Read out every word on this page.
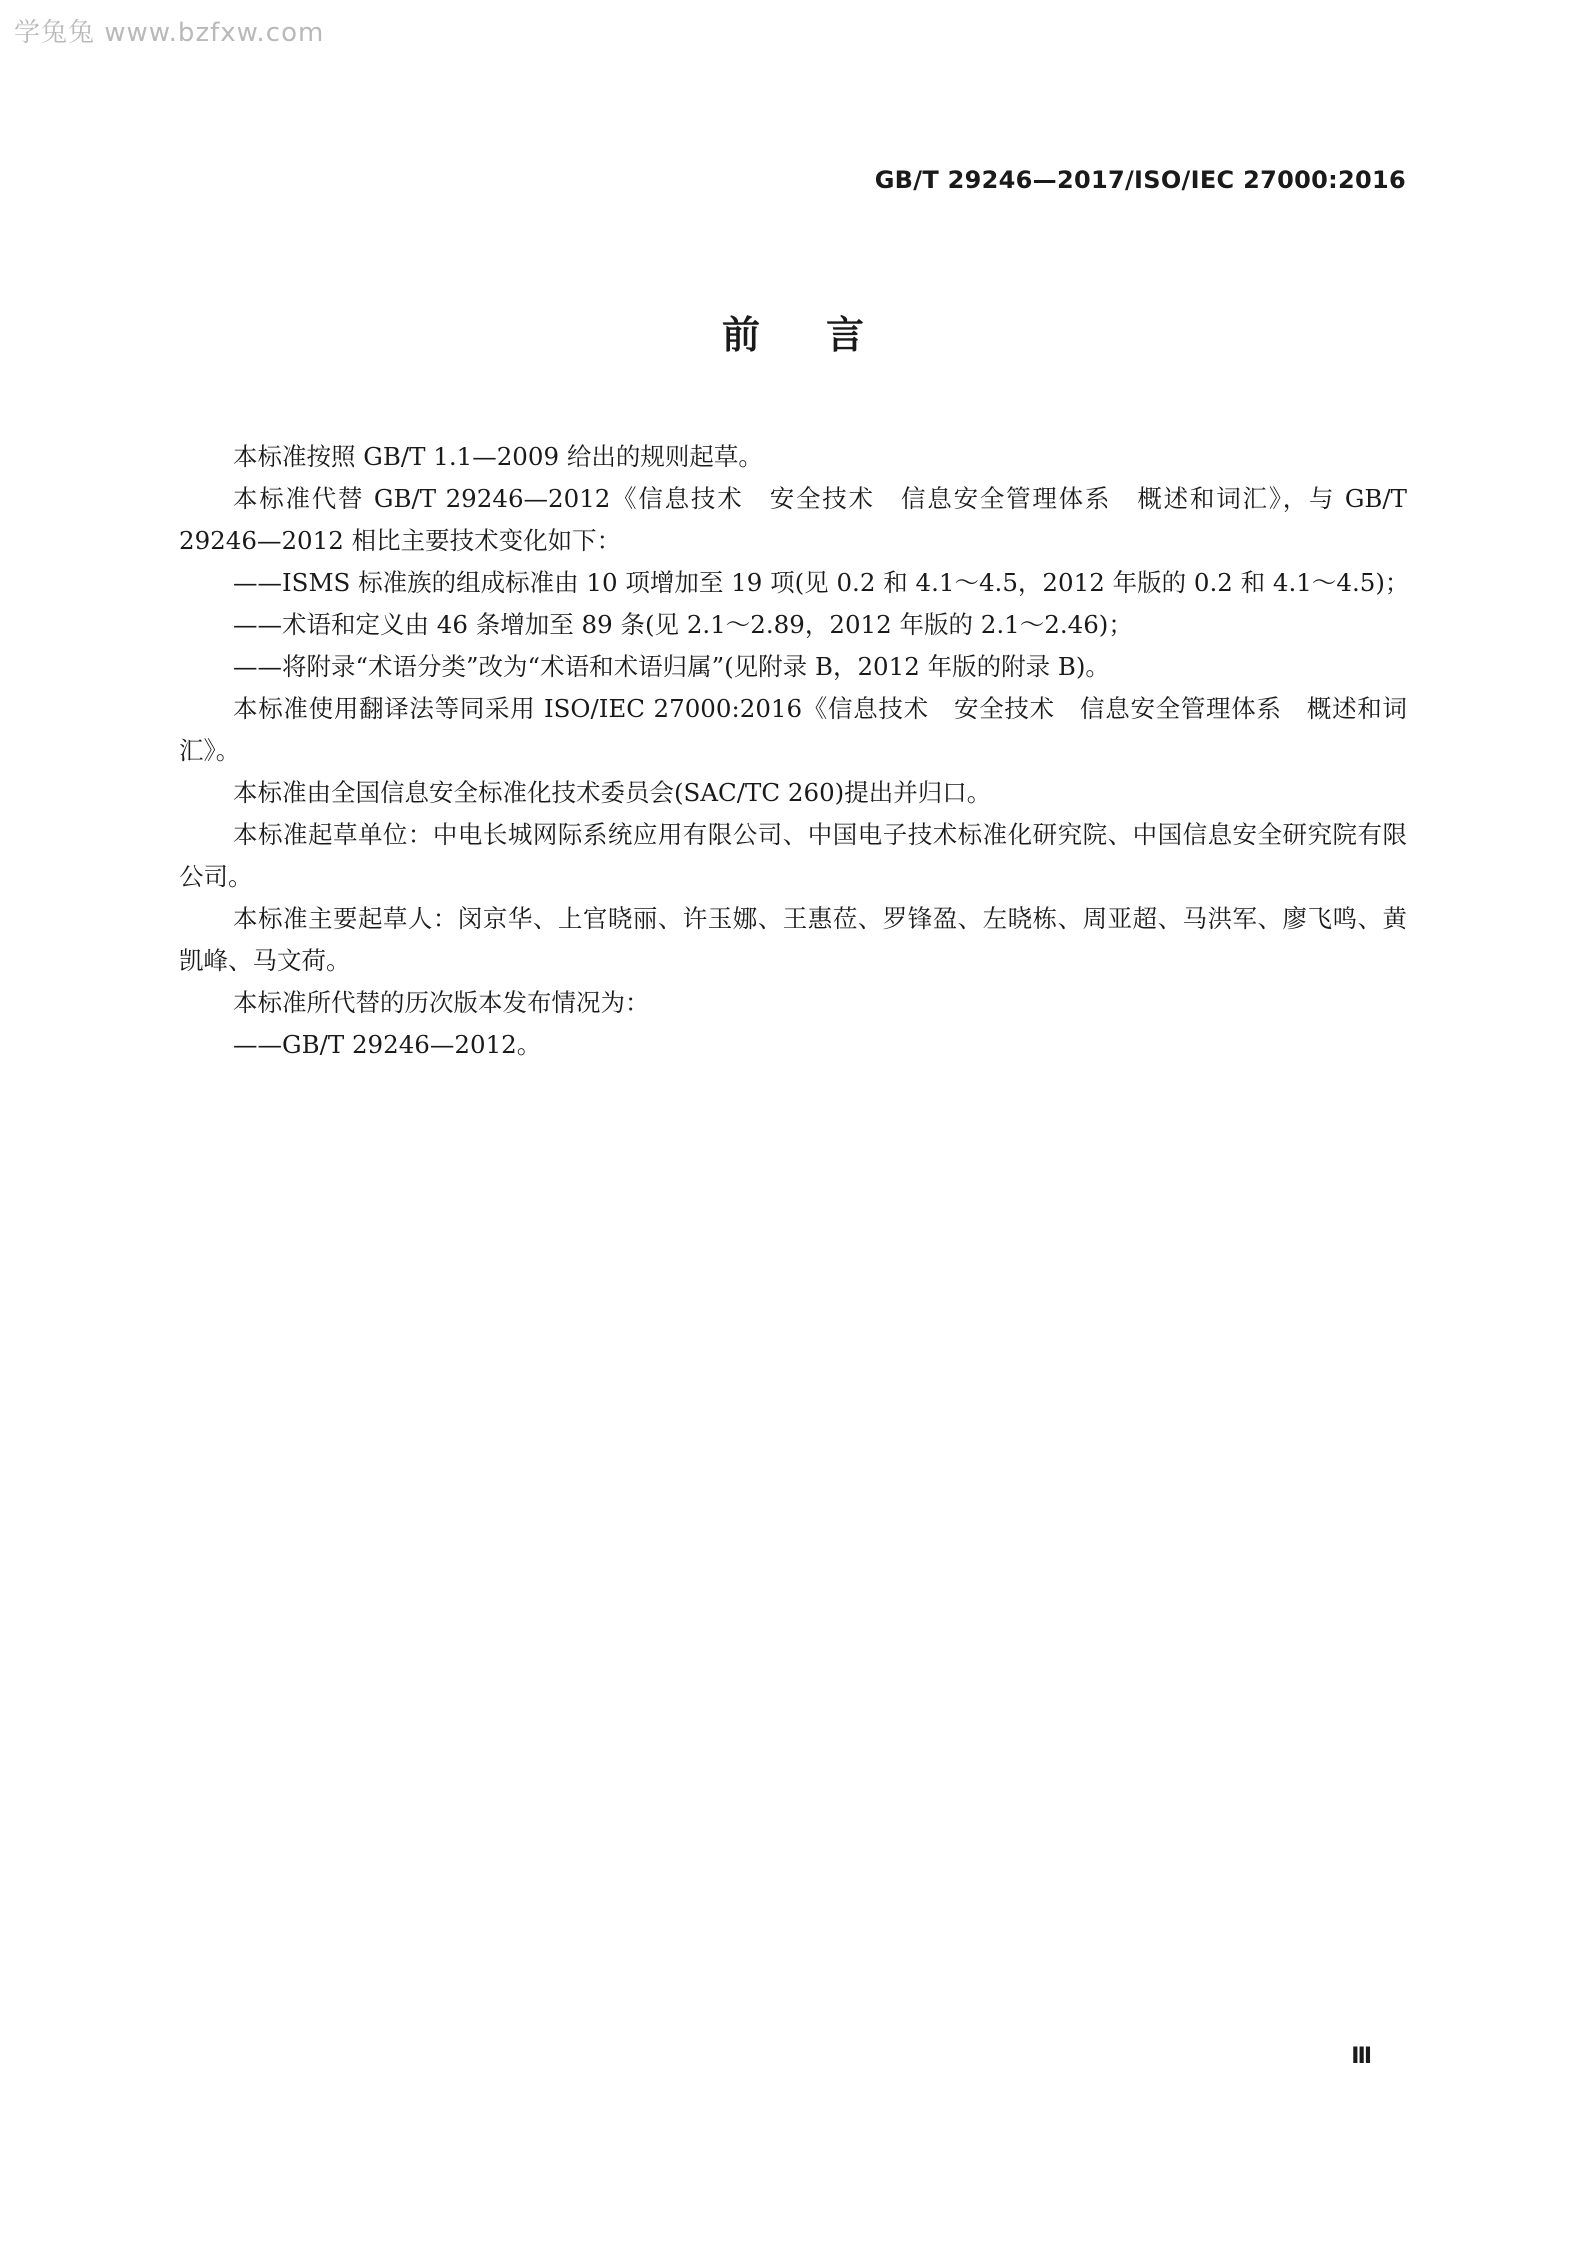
学兔兔 www.bzfxw.com
GB/T 29246—2017/ISO/IEC 27000:2016
前言

本标准按照 GB/T 1.1—2009 给出的规则起草。

本标准代替 GB/T 29246—2012《信息技术　安全技术　信息安全管理体系　概述和词汇》，与 GB/T 29246—2012 相比主要技术变化如下：

——ISMS 标准族的组成标准由 10 项增加至 19 项(见 0.2 和 4.1～4.5，2012 年版的 0.2 和 4.1～4.5)；

——术语和定义由 46 条增加至 89 条(见 2.1～2.89，2012 年版的 2.1～2.46)；

——将附录“术语分类”改为“术语和术语归属”(见附录 B，2012 年版的附录 B)。

本标准使用翻译法等同采用 ISO/IEC 27000:2016《信息技术　安全技术　信息安全管理体系　概述和词汇》。

本标准由全国信息安全标准化技术委员会(SAC/TC 260)提出并归口。

本标准起草单位：中电长城网际系统应用有限公司、中国电子技术标准化研究院、中国信息安全研究院有限公司。

本标准主要起草人：闵京华、上官晓丽、许玉娜、王惠莅、罗锋盈、左晓栋、周亚超、马洪军、廖飞鸣、黄凯峰、马文荷。

本标准所代替的历次版本发布情况为：

——GB/T 29246—2012。

Ⅲ
